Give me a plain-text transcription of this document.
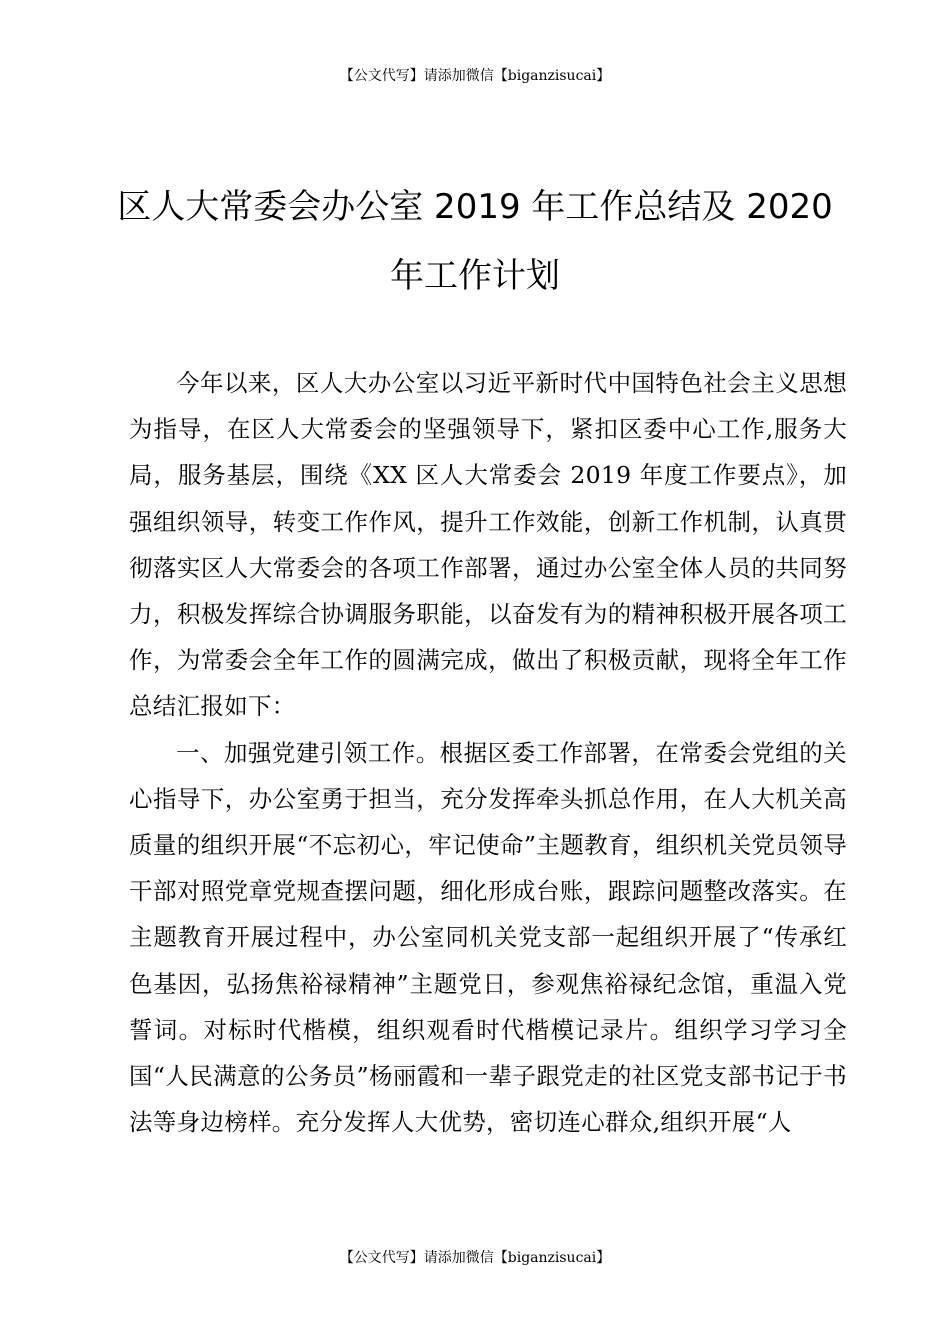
【公文代写】请添加微信【biganzisucai】
区人大常委会办公室 2019 年工作总结及 2020
年工作计划

今年以来，区人大办公室以习近平新时代中国特色社会主义思想为指导，在区人大常委会的坚强领导下，紧扣区委中心工作,服务大局，服务基层，围绕《XX 区人大常委会 2019 年度工作要点》，加强组织领导，转变工作作风，提升工作效能，创新工作机制，认真贯彻落实区人大常委会的各项工作部署，通过办公室全体人员的共同努力，积极发挥综合协调服务职能，以奋发有为的精神积极开展各项工作，为常委会全年工作的圆满完成，做出了积极贡献，现将全年工作总结汇报如下：

一、加强党建引领工作。根据区委工作部署，在常委会党组的关心指导下，办公室勇于担当，充分发挥牵头抓总作用，在人大机关高质量的组织开展“不忘初心，牢记使命”主题教育，组织机关党员领导干部对照党章党规查摆问题，细化形成台账，跟踪问题整改落实。在主题教育开展过程中，办公室同机关党支部一起组织开展了“传承红色基因，弘扬焦裕禄精神”主题党日，参观焦裕禄纪念馆，重温入党誓词。对标时代楷模，组织观看时代楷模记录片。组织学习学习全国“人民满意的公务员”杨丽霞和一辈子跟党走的社区党支部书记于书法等身边榜样。充分发挥人大优势，密切连心群众,组织开展“人

【公文代写】请添加微信【biganzisucai】
